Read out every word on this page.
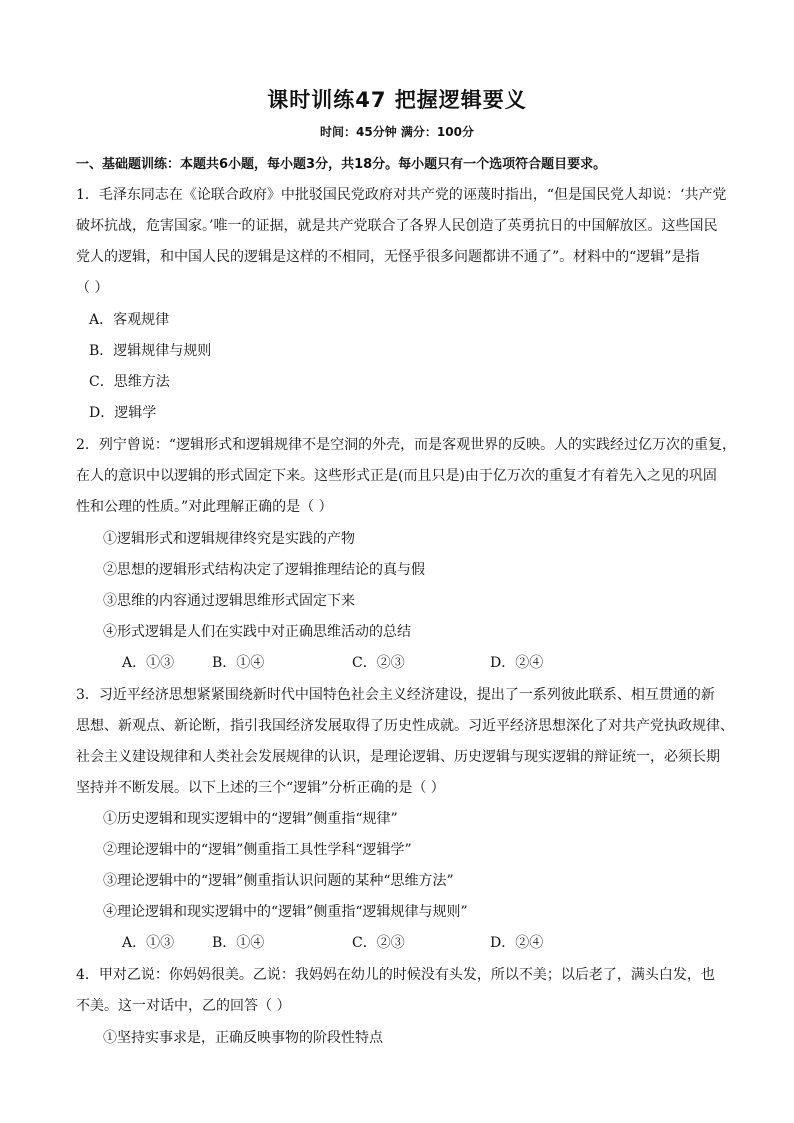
课时训练47 把握逻辑要义
时间：45分钟 满分：100分
一、基础题训练：本题共6小题，每小题3分，共18分。每小题只有一个选项符合题目要求。
1．毛泽东同志在《论联合政府》中批驳国民党政府对共产党的诬蔑时指出，“但是国民党人却说：‘共产党
破坏抗战，危害国家。’唯一的证据，就是共产党联合了各界人民创造了英勇抗日的中国解放区。这些国民
党人的逻辑，和中国人民的逻辑是这样的不相同，无怪乎很多问题都讲不通了”。材料中的“逻辑”是指
（ ）
A．客观规律
B．逻辑规律与规则
C．思维方法
D．逻辑学
2．列宁曾说：“逻辑形式和逻辑规律不是空洞的外壳，而是客观世界的反映。人的实践经过亿万次的重复，
在人的意识中以逻辑的形式固定下来。这些形式正是(而且只是)由于亿万次的重复才有着先入之见的巩固
性和公理的性质。”对此理解正确的是（ ）
①逻辑形式和逻辑规律终究是实践的产物
②思想的逻辑形式结构决定了逻辑推理结论的真与假
③思维的内容通过逻辑思维形式固定下来
④形式逻辑是人们在实践中对正确思维活动的总结
A．①③	B．①④	C．②③	D．②④
3．习近平经济思想紧紧围绕新时代中国特色社会主义经济建设，提出了一系列彼此联系、相互贯通的新
思想、新观点、新论断，指引我国经济发展取得了历史性成就。习近平经济思想深化了对共产党执政规律、
社会主义建设规律和人类社会发展规律的认识，是理论逻辑、历史逻辑与现实逻辑的辩证统一，必须长期
坚持并不断发展。以下上述的三个“逻辑”分析正确的是（ ）
①历史逻辑和现实逻辑中的“逻辑”侧重指“规律”
②理论逻辑中的“逻辑”侧重指工具性学科“逻辑学”
③理论逻辑中的“逻辑”侧重指认识问题的某种“思维方法”
④理论逻辑和现实逻辑中的“逻辑”侧重指“逻辑规律与规则”
A．①③	B．①④	C．②③	D．②④
4．甲对乙说：你妈妈很美。乙说：我妈妈在幼儿的时候没有头发，所以不美；以后老了，满头白发，也
不美。这一对话中，乙的回答（ ）
①坚持实事求是，正确反映事物的阶段性特点
